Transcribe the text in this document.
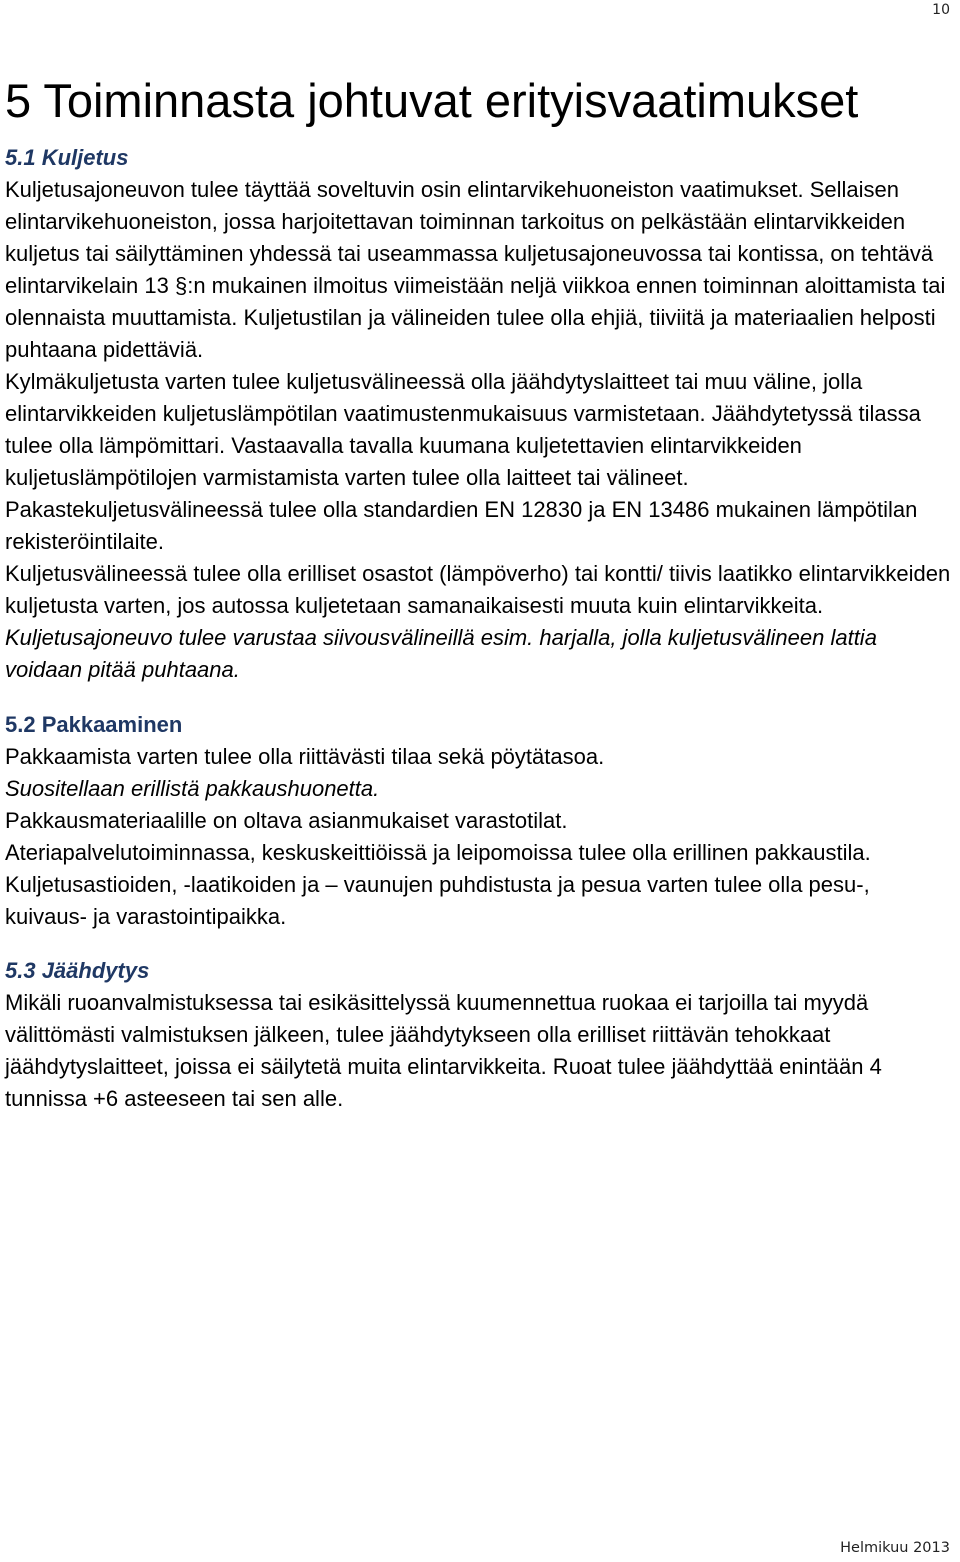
10
5 Toiminnasta johtuvat erityisvaatimukset
5.1 Kuljetus

Kuljetusajoneuvon tulee täyttää soveltuvin osin elintarvikehuoneiston vaatimukset. Sellaisen elintarvikehuoneiston, jossa harjoitettavan toiminnan tarkoitus on pelkästään elintarvikkeiden kuljetus tai säilyttäminen yhdessä tai useammassa kuljetusajoneuvossa tai kontissa, on tehtävä elintarvikelain 13 §:n mukainen ilmoitus viimeistään neljä viikkoa ennen toiminnan aloittamista tai olennaista muuttamista. Kuljetustilan ja välineiden tulee olla ehjiä, tiiviitä ja materiaalien helposti puhtaana pidettäviä.

Kylmäkuljetusta varten tulee kuljetusvälineessä olla jäähdytyslaitteet tai muu väline, jolla elintarvikkeiden kuljetuslämpötilan vaatimustenmukaisuus varmistetaan. Jäähdytetyssä tilassa tulee olla lämpömittari. Vastaavalla tavalla kuumana kuljetettavien elintarvikkeiden kuljetuslämpötilojen varmistamista varten tulee olla laitteet tai välineet.

Pakastekuljetusvälineessä tulee olla standardien EN 12830 ja EN 13486 mukainen lämpötilan rekisteröintilaite.

Kuljetusvälineessä tulee olla erilliset osastot (lämpöverho) tai kontti/ tiivis laatikko elintarvikkeiden kuljetusta varten, jos autossa kuljetetaan samanaikaisesti muuta kuin elintarvikkeita.

Kuljetusajoneuvo tulee varustaa siivousvälineillä esim. harjalla, jolla kuljetusvälineen lattia voidaan pitää puhtaana.

5.2 Pakkaaminen

Pakkaamista varten tulee olla riittävästi tilaa sekä pöytätasoa.

Suositellaan erillistä pakkaushuonetta.

Pakkausmateriaalille on oltava asianmukaiset varastotilat.

Ateriapalvelutoiminnassa, keskuskeittiöissä ja leipomoissa tulee olla erillinen pakkaustila. Kuljetusastioiden, -laatikoiden ja – vaunujen puhdistusta ja pesua varten tulee olla pesu-, kuivaus- ja varastointipaikka.

5.3 Jäähdytys

Mikäli ruoanvalmistuksessa tai esikäsittelyssä kuumennettua ruokaa ei tarjoilla tai myydä välittömästi valmistuksen jälkeen, tulee jäähdytykseen olla erilliset riittävän tehokkaat jäähdytyslaitteet, joissa ei säilytetä muita elintarvikkeita. Ruoat tulee jäähdyttää enintään 4 tunnissa +6 asteeseen tai sen alle.

Helmikuu 2013
